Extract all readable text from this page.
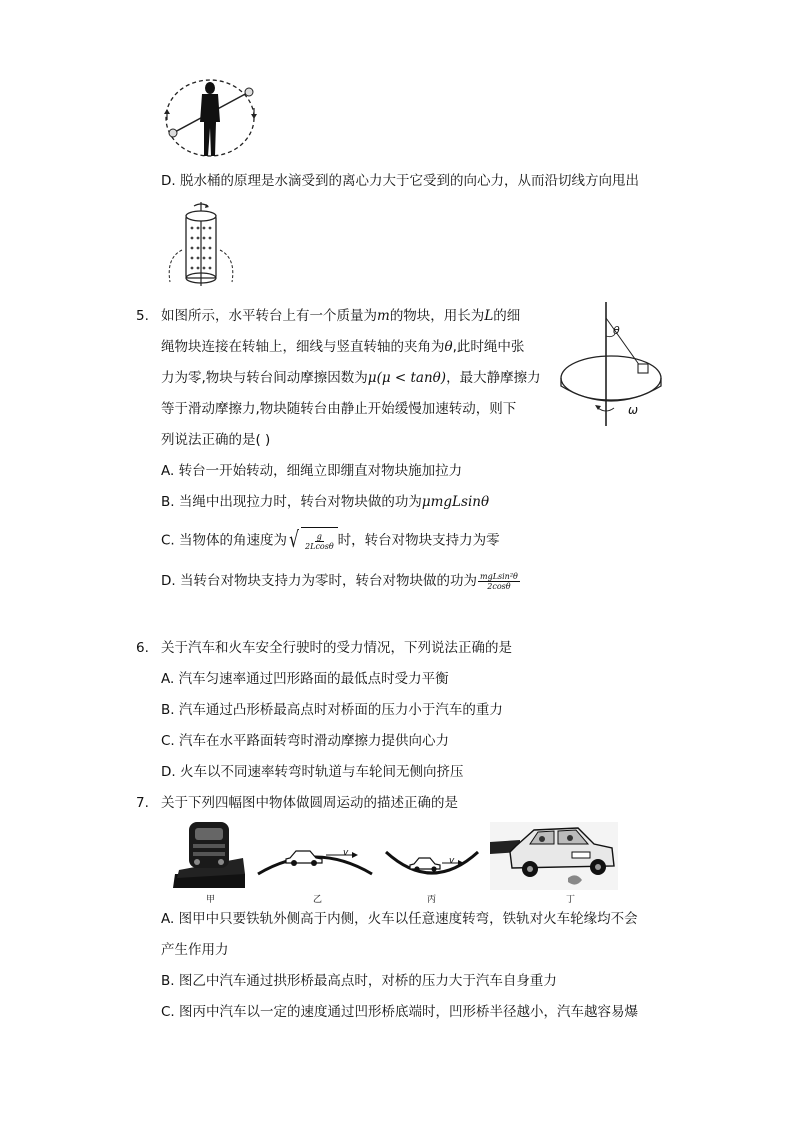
D. 脱水桶的原理是水滴受到的离心力大于它受到的向心力，从而沿切线方向甩出
5. 如图所示，水平转台上有一个质量为m的物块，用长为L的细
绳物块连接在转轴上，细线与竖直转轴的夹角为θ,此时绳中张
力为零,物块与转台间动摩擦因数为μ(μ < tanθ)，最大静摩擦力
等于滑动摩擦力,物块随转台由静止开始缓慢加速转动，则下
列说法正确的是( )
θ
ω
A. 转台一开始转动，细绳立即绷直对物块施加拉力
B. 当绳中出现拉力时，转台对物块做的功为μmgLsinθ
C. 当物体的角速度为 √ $\frac{g}{2Lcos\theta}$ 时，转台对物块支持力为零
D. 当转台对物块支持力为零时，转台对物块做的功为 $\frac{\text{mgLsin²θ}}{2\cos\theta}$
6. 关于汽车和火车安全行驶时的受力情况，下列说法正确的是
A. 汽车匀速率通过凹形路面的最低点时受力平衡
B. 汽车通过凸形桥最高点时对桥面的压力小于汽车的重力
C. 汽车在水平路面转弯时滑动摩擦力提供向心力
D. 火车以不同速率转弯时轨道与车轮间无侧向挤压
7. 关于下列四幅图中物体做圆周运动的描述正确的是
甲
v
乙
v
丙	丁
A. 图甲中只要铁轨外侧高于内侧，火车以任意速度转弯，铁轨对火车轮缘均不会
产生作用力
B. 图乙中汽车通过拱形桥最高点时，对桥的压力大于汽车自身重力
C. 图丙中汽车以一定的速度通过凹形桥底端时，凹形桥半径越小，汽车越容易爆
